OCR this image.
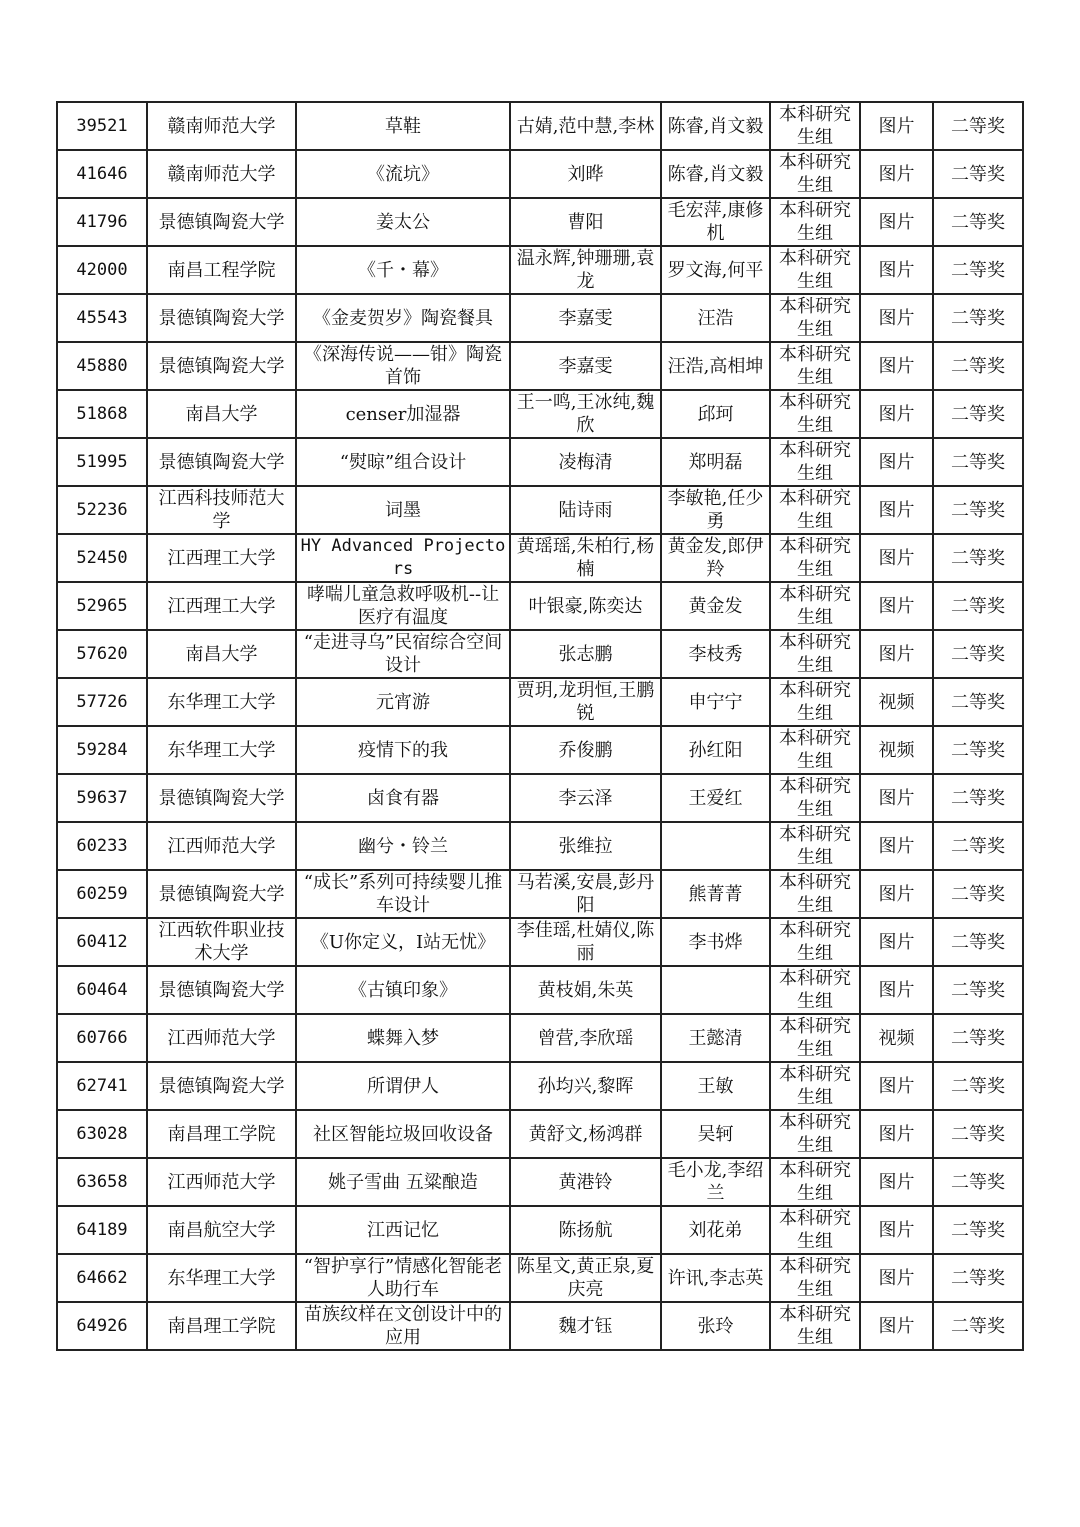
39521	赣南师范大学	草鞋	古婧,范中慧,李林	陈睿,肖文毅	本科研究生组	图片	二等奖
41646	赣南师范大学	《流坑》	刘晔	陈睿,肖文毅	本科研究生组	图片	二等奖
41796	景德镇陶瓷大学	姜太公	曹阳	毛宏萍,康修机	本科研究生组	图片	二等奖
42000	南昌工程学院	《千・幕》	温永辉,钟珊珊,袁龙	罗文海,何平	本科研究生组	图片	二等奖
45543	景德镇陶瓷大学	《金麦贺岁》陶瓷餐具	李嘉雯	汪浩	本科研究生组	图片	二等奖
45880	景德镇陶瓷大学	《深海传说——钳》陶瓷首饰	李嘉雯	汪浩,高相坤	本科研究生组	图片	二等奖
51868	南昌大学	censer加湿器	王一鸣,王冰纯,魏欣	邱珂	本科研究生组	图片	二等奖
51995	景德镇陶瓷大学	“熨晾”组合设计	凌梅清	郑明磊	本科研究生组	图片	二等奖
52236	江西科技师范大学	词墨	陆诗雨	李敏艳,任少勇	本科研究生组	图片	二等奖
52450	江西理工大学	HY Advanced Projectors	黄瑶瑶,朱柏行,杨楠	黄金发,郎伊羚	本科研究生组	图片	二等奖
52965	江西理工大学	哮喘儿童急救呼吸机--让医疗有温度	叶银豪,陈奕达	黄金发	本科研究生组	图片	二等奖
57620	南昌大学	“走进寻乌”民宿综合空间设计	张志鹏	李枝秀	本科研究生组	图片	二等奖
57726	东华理工大学	元宵游	贾玥,龙玥恒,王鹏锐	申宁宁	本科研究生组	视频	二等奖
59284	东华理工大学	疫情下的我	乔俊鹏	孙红阳	本科研究生组	视频	二等奖
59637	景德镇陶瓷大学	卤食有器	李云泽	王爱红	本科研究生组	图片	二等奖
60233	江西师范大学	幽兮・铃兰	张维拉		本科研究生组	图片	二等奖
60259	景德镇陶瓷大学	“成长”系列可持续婴儿推车设计	马若溪,安晨,彭丹阳	熊菁菁	本科研究生组	图片	二等奖
60412	江西软件职业技术大学	《U你定义，I站无忧》	李佳瑶,杜婧仪,陈丽	李书烨	本科研究生组	图片	二等奖
60464	景德镇陶瓷大学	《古镇印象》	黄枝娟,朱英		本科研究生组	图片	二等奖
60766	江西师范大学	蝶舞入梦	曾营,李欣瑶	王懿清	本科研究生组	视频	二等奖
62741	景德镇陶瓷大学	所谓伊人	孙均兴,黎晖	王敏	本科研究生组	图片	二等奖
63028	南昌理工学院	社区智能垃圾回收设备	黄舒文,杨鸿群	吴轲	本科研究生组	图片	二等奖
63658	江西师范大学	姚子雪曲 五粱酿造	黄港铃	毛小龙,李绍兰	本科研究生组	图片	二等奖
64189	南昌航空大学	江西记忆	陈扬航	刘花弟	本科研究生组	图片	二等奖
64662	东华理工大学	“智护享行”情感化智能老人助行车	陈星文,黄正泉,夏庆亮	许讯,李志英	本科研究生组	图片	二等奖
64926	南昌理工学院	苗族纹样在文创设计中的应用	魏才钰	张玲	本科研究生组	图片	二等奖
